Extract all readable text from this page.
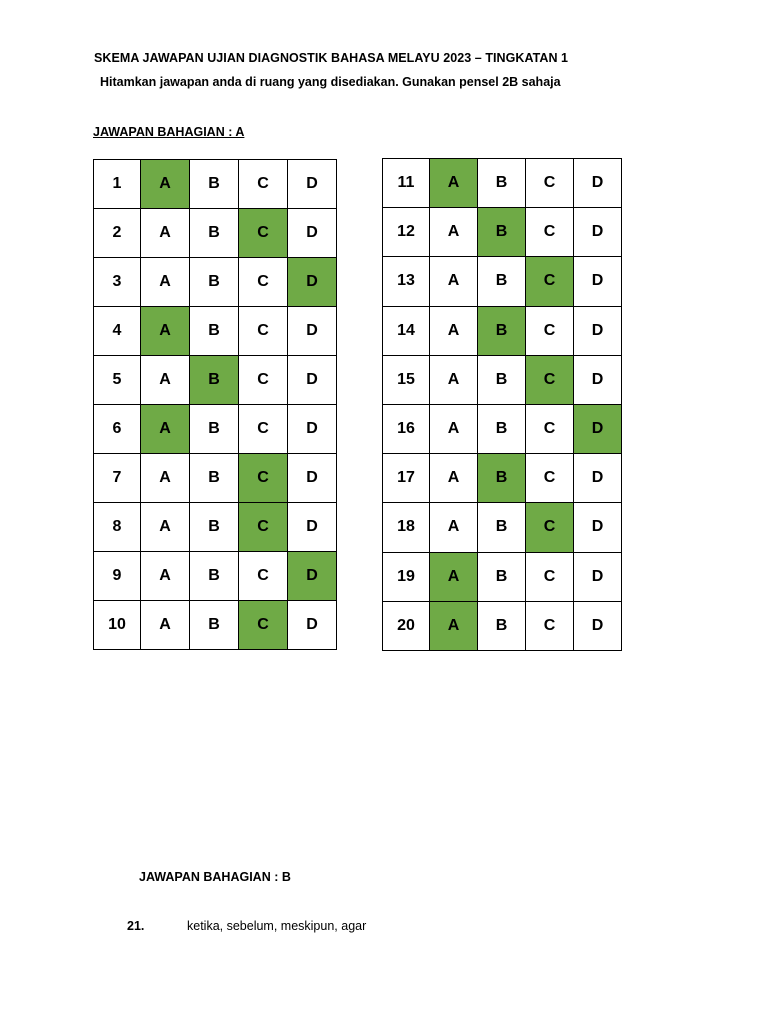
SKEMA JAWAPAN UJIAN DIAGNOSTIK BAHASA MELAYU 2023 – TINGKATAN 1
Hitamkan jawapan anda di ruang yang disediakan. Gunakan pensel 2B sahaja
JAWAPAN BAHAGIAN : A
1	A	B	C	D
2	A	B	C	D
3	A	B	C	D
4	A	B	C	D
5	A	B	C	D
6	A	B	C	D
7	A	B	C	D
8	A	B	C	D
9	A	B	C	D
10	A	B	C	D
11	A	B	C	D
12	A	B	C	D
13	A	B	C	D
14	A	B	C	D
15	A	B	C	D
16	A	B	C	D
17	A	B	C	D
18	A	B	C	D
19	A	B	C	D
20	A	B	C	D
JAWAPAN BAHAGIAN : B
21.	ketika, sebelum, meskipun, agar
